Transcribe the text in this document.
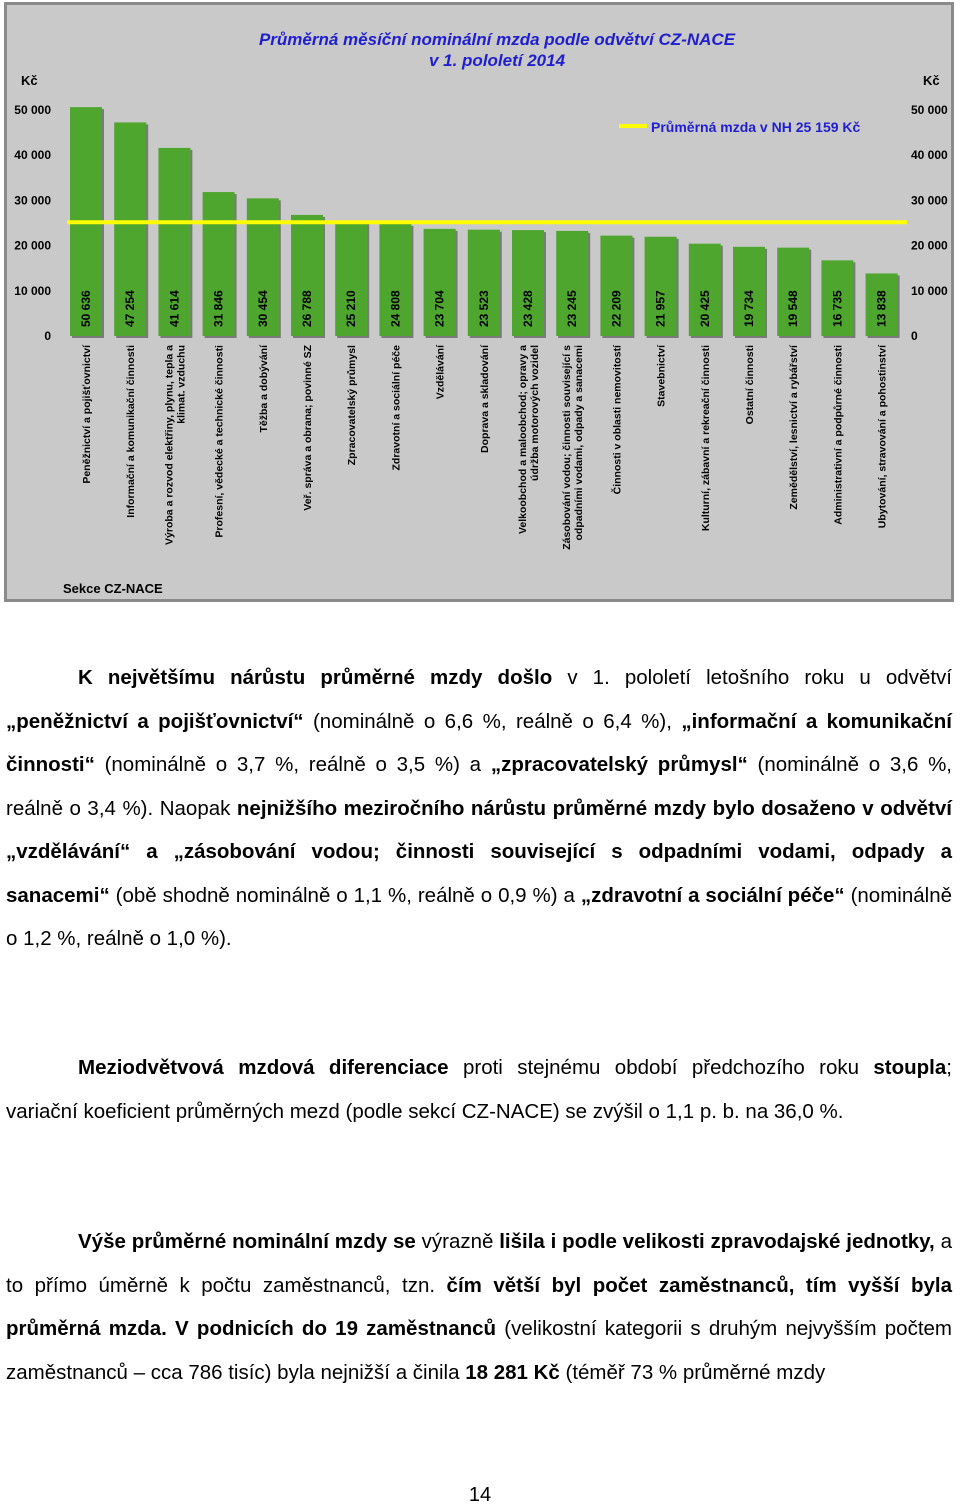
Průměrná měsíční nominální mzda podle odvětví CZ-NACE
v 1. pololetí 2014
Kč	Kč
0
10 000
20 000
30 000
40 000
50 000
0
10 000
20 000
30 000
40 000
50 000
50 636	47 254	41 614	31 846	30 454	26 788	25 210	24 808	23 704	23 523	23 428	23 245	22 209	21 957	20 425	19 734	19 548	16 735	13 838
Průměrná mzda v NH 25 159 Kč
Peněžnictví a pojišťovnictví	Informační a komunikační činnosti Výroba a rozvod elektřiny, plynu, tepla a klimat. vzduchu Profesní, vědecké a technické činnosti	Těžba a dobývání	Veř. správa a obrana; povinné SZ	Zpracovatelský průmysl	Zdravotní a sociální péče	Vzdělávání	Doprava a skladování Velkoobchod a maloobchod; opravy a údržba motorových vozidel Zásobování vodou; činnosti související s odpadními vodami, odpady a sanacemi Činnosti v oblasti nemovitostí	Stavebnictví	Kulturní, zábavní a rekreační činnosti	Ostatní činnosti	Zemědělství, lesnictví a rybářství	Administrativní a podpůrné činnosti	Ubytování, stravování a pohostinství
Sekce CZ-NACE
K největšímu nárůstu průměrné mzdy došlo v 1. pololetí letošního roku u odvětví „peněžnictví a pojišťovnictví“ (nominálně o 6,6 %, reálně o 6,4 %), „informační a komunikační činnosti“ (nominálně o 3,7 %, reálně o 3,5 %) a „zpracovatelský průmysl“ (nominálně o 3,6 %, reálně o 3,4 %). Naopak nejnižšího meziročního nárůstu průměrné mzdy bylo dosaženo v odvětví „vzdělávání“ a „zásobování vodou; činnosti související s odpadními vodami, odpady a sanacemi“ (obě shodně nominálně o 1,1 %, reálně o 0,9 %) a „zdravotní a sociální péče“ (nominálně o 1,2 %, reálně o 1,0 %).
Meziodvětvová mzdová diferenciace proti stejnému období předchozího roku stoupla; variační koeficient průměrných mezd (podle sekcí CZ-NACE) se zvýšil o 1,1 p. b. na 36,0 %.
Výše průměrné nominální mzdy se výrazně lišila i podle velikosti zpravodajské jednotky, a to přímo úměrně k počtu zaměstnanců, tzn. čím větší byl počet zaměstnanců, tím vyšší byla průměrná mzda. V podnicích do 19 zaměstnanců (velikostní kategorii s druhým nejvyšším počtem zaměstnanců – cca 786 tisíc) byla nejnižší a činila 18 281 Kč (téměř 73 % průměrné mzdy
14
